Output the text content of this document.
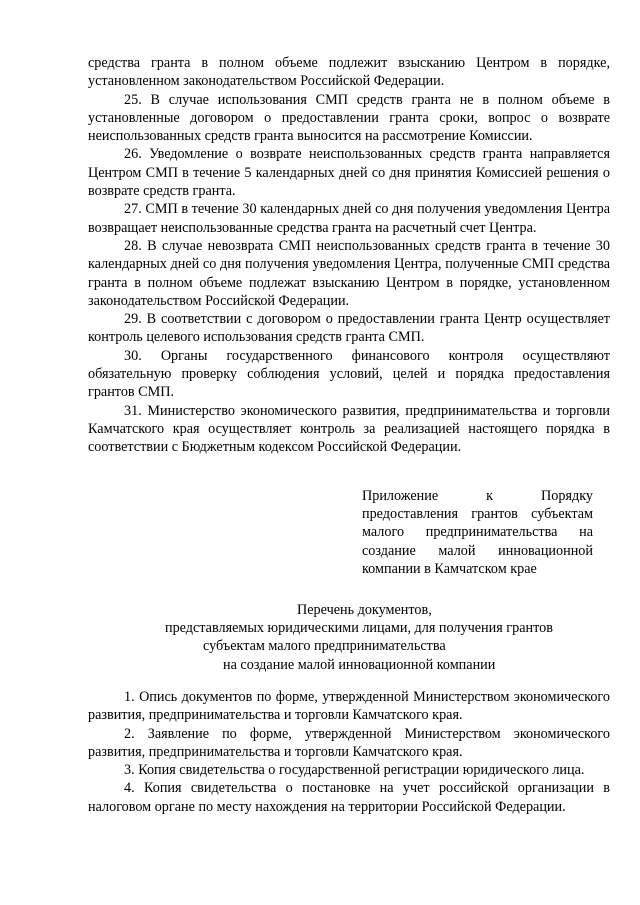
средства гранта в полном объеме подлежит взысканию Центром в порядке, установленном законодательством Российской Федерации.

25. В случае использования СМП средств гранта не в полном объеме в установленные договором о предоставлении гранта сроки, вопрос о возврате неиспользованных средств гранта выносится на рассмотрение Комиссии.

26. Уведомление о возврате неиспользованных средств гранта направляется Центром СМП в течение 5 календарных дней со дня принятия Комиссией решения о возврате средств гранта.

27. СМП в течение 30 календарных дней со дня получения уведомления Центра возвращает неиспользованные средства гранта на расчетный счет Центра.

28. В случае невозврата СМП неиспользованных средств гранта в течение 30 календарных дней со дня получения уведомления Центра, полученные СМП средства гранта в полном объеме подлежат взысканию Центром в порядке, установленном законодательством Российской Федерации.

29. В соответствии с договором о предоставлении гранта Центр осуществляет контроль целевого использования средств гранта СМП.

30. Органы государственного финансового контроля осуществляют обязательную проверку соблюдения условий, целей и порядка предоставления грантов СМП.

31. Министерство экономического развития, предпринимательства и торговли Камчатского края осуществляет контроль за реализацией настоящего порядка в соответствии с Бюджетным кодексом Российской Федерации.

Приложение к Порядку предоставления грантов субъектам малого предпринимательства на создание малой инновационной компании в Камчатском крае

Перечень документов,
представляемых юридическими лицами, для получения грантов
субъектам малого предпринимательства
на создание малой инновационной компании

1. Опись документов по форме, утвержденной Министерством экономического развития, предпринимательства и торговли Камчатского края.

2. Заявление по форме, утвержденной Министерством экономического развития, предпринимательства и торговли Камчатского края.

3. Копия свидетельства о государственной регистрации юридического лица.

4. Копия свидетельства о постановке на учет российской организации в налоговом органе по месту нахождения на территории Российской Федерации.
